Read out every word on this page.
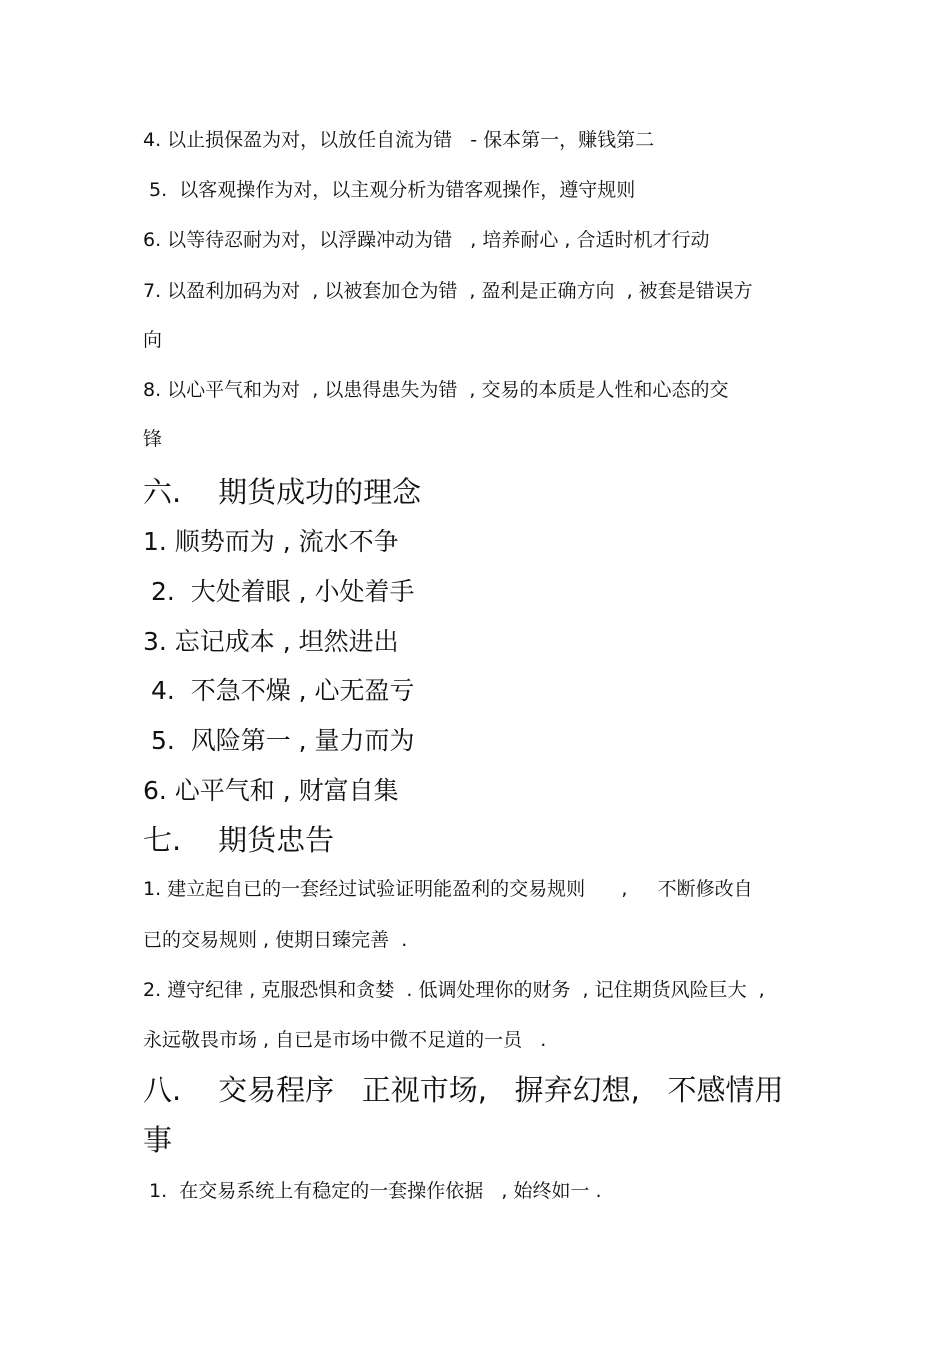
4. 以止损保盈为对，以放任自流为错   - 保本第一，赚钱第二
5.  以客观操作为对，以主观分析为错客观操作，遵守规则
6. 以等待忍耐为对，以浮躁冲动为错   , 培养耐心 , 合适时机才行动
7. 以盈利加码为对  , 以被套加仓为错  , 盈利是正确方向  , 被套是错误方
向
8. 以心平气和为对  , 以患得患失为错  , 交易的本质是人性和心态的交
锋
六.    期货成功的理念
1. 顺势而为 , 流水不争
2.  大处着眼 , 小处着手
3. 忘记成本 , 坦然进出
4.  不急不燥 , 心无盈亏
5.  风险第一 , 量力而为
6. 心平气和 , 财富自集
七.    期货忠告
1. 建立起自已的一套经过试验证明能盈利的交易规则      ,     不断修改自
已的交易规则 , 使期日臻完善  .
2. 遵守纪律 , 克服恐惧和贪婪  . 低调处理你的财务  , 记住期货风险巨大  ,
永远敬畏市场 , 自已是市场中微不足道的一员   .
八.    交易程序   正视市场,   摒弃幻想,   不感情用
事
1.  在交易系统上有稳定的一套操作依据   , 始终如一 .
